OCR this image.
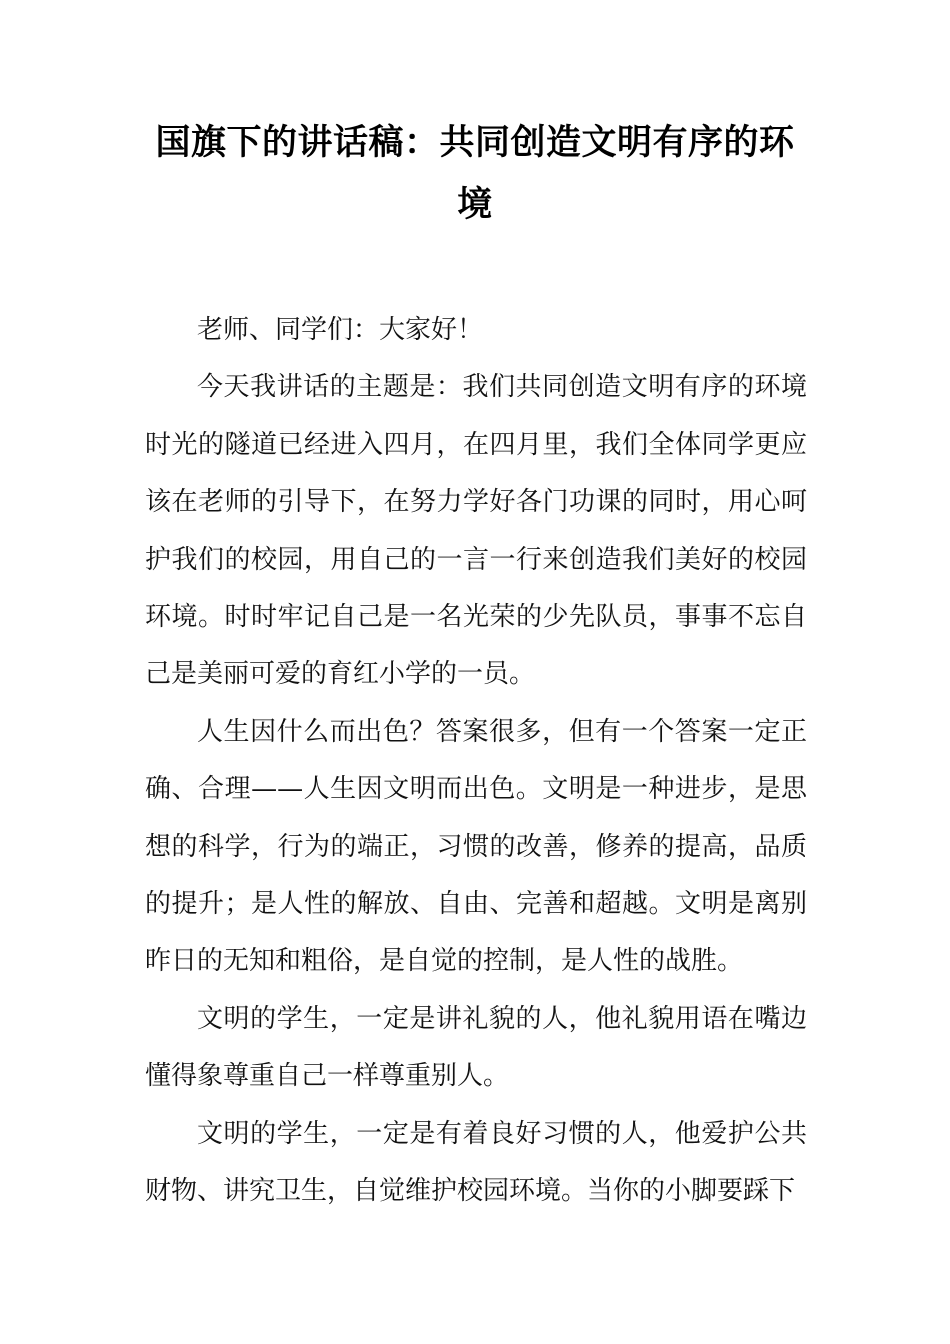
国旗下的讲话稿：共同创造文明有序的环境

老师、同学们：大家好！

今天我讲话的主题是：我们共同创造文明有序的环境时光的隧道已经进入四月，在四月里，我们全体同学更应该在老师的引导下，在努力学好各门功课的同时，用心呵护我们的校园，用自己的一言一行来创造我们美好的校园环境。时时牢记自己是一名光荣的少先队员，事事不忘自己是美丽可爱的育红小学的一员。

人生因什么而出色？答案很多，但有一个答案一定正确、合理——人生因文明而出色。文明是一种进步，是思想的科学，行为的端正，习惯的改善，修养的提高，品质的提升；是人性的解放、自由、完善和超越。文明是离别昨日的无知和粗俗，是自觉的控制，是人性的战胜。

文明的学生，一定是讲礼貌的人，他礼貌用语在嘴边懂得象尊重自己一样尊重别人。

文明的学生，一定是有着良好习惯的人，他爱护公共财物、讲究卫生，自觉维护校园环境。当你的小脚要踩下
